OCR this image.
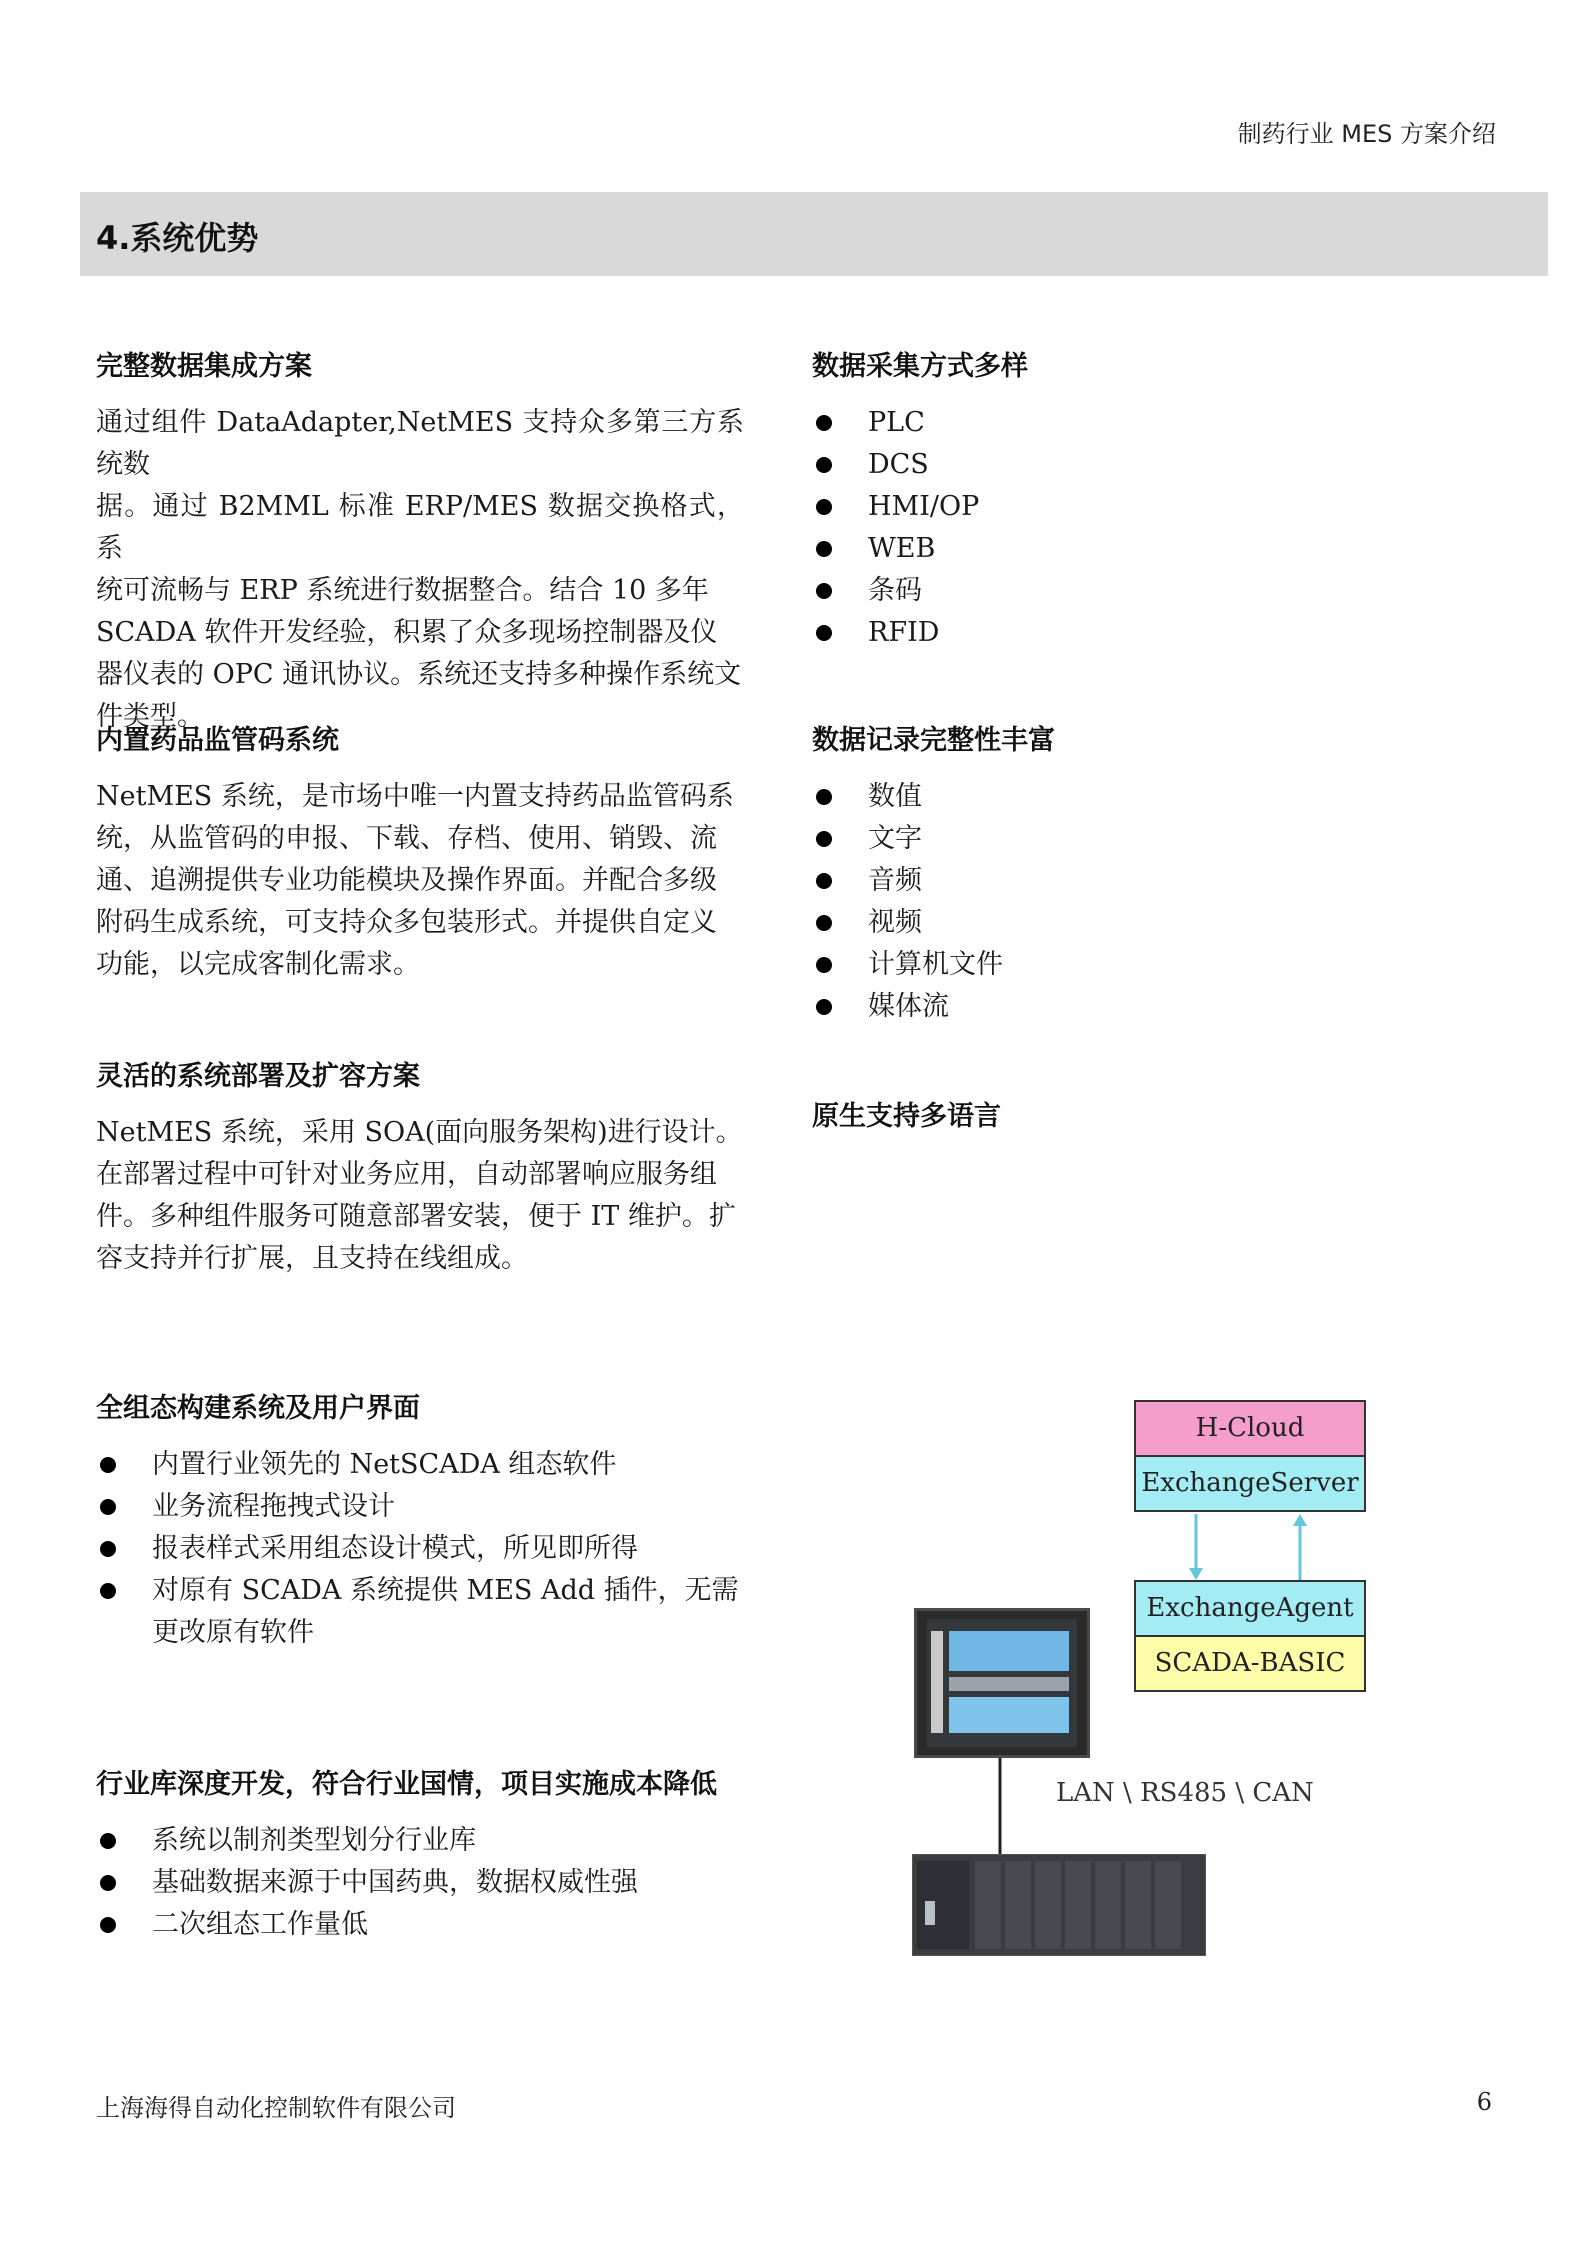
制药行业 MES 方案介绍
4.系统优势
完整数据集成方案
通过组件 DataAdapter,NetMES 支持众多第三方系统数
据。通过 B2MML 标准 ERP/MES 数据交换格式，系
统可流畅与 ERP 系统进行数据整合。结合 10 多年
SCADA 软件开发经验，积累了众多现场控制器及仪
器仪表的 OPC 通讯协议。系统还支持多种操作系统文
件类型。
数据采集方式多样
PLC
DCS
HMI/OP
WEB
条码
RFID
内置药品监管码系统
NetMES 系统，是市场中唯一内置支持药品监管码系
统，从监管码的申报、下载、存档、使用、销毁、流
通、追溯提供专业功能模块及操作界面。并配合多级
附码生成系统，可支持众多包装形式。并提供自定义
功能，以完成客制化需求。
数据记录完整性丰富
数值
文字
音频
视频
计算机文件
媒体流
灵活的系统部署及扩容方案
NetMES 系统，采用 SOA(面向服务架构)进行设计。
在部署过程中可针对业务应用，自动部署响应服务组
件。多种组件服务可随意部署安装，便于 IT 维护。扩
容支持并行扩展，且支持在线组成。
原生支持多语言
全组态构建系统及用户界面
内置行业领先的 NetSCADA 组态软件
业务流程拖拽式设计
报表样式采用组态设计模式，所见即所得
对原有 SCADA 系统提供 MES Add 插件，无需更改原有软件
行业库深度开发，符合行业国情，项目实施成本降低
系统以制剂类型划分行业库
基础数据来源于中国药典，数据权威性强
二次组态工作量低
H-Cloud
ExchangeServer
ExchangeAgent
SCADA-BASIC
LAN \ RS485 \ CAN
上海海得自动化控制软件有限公司	6
